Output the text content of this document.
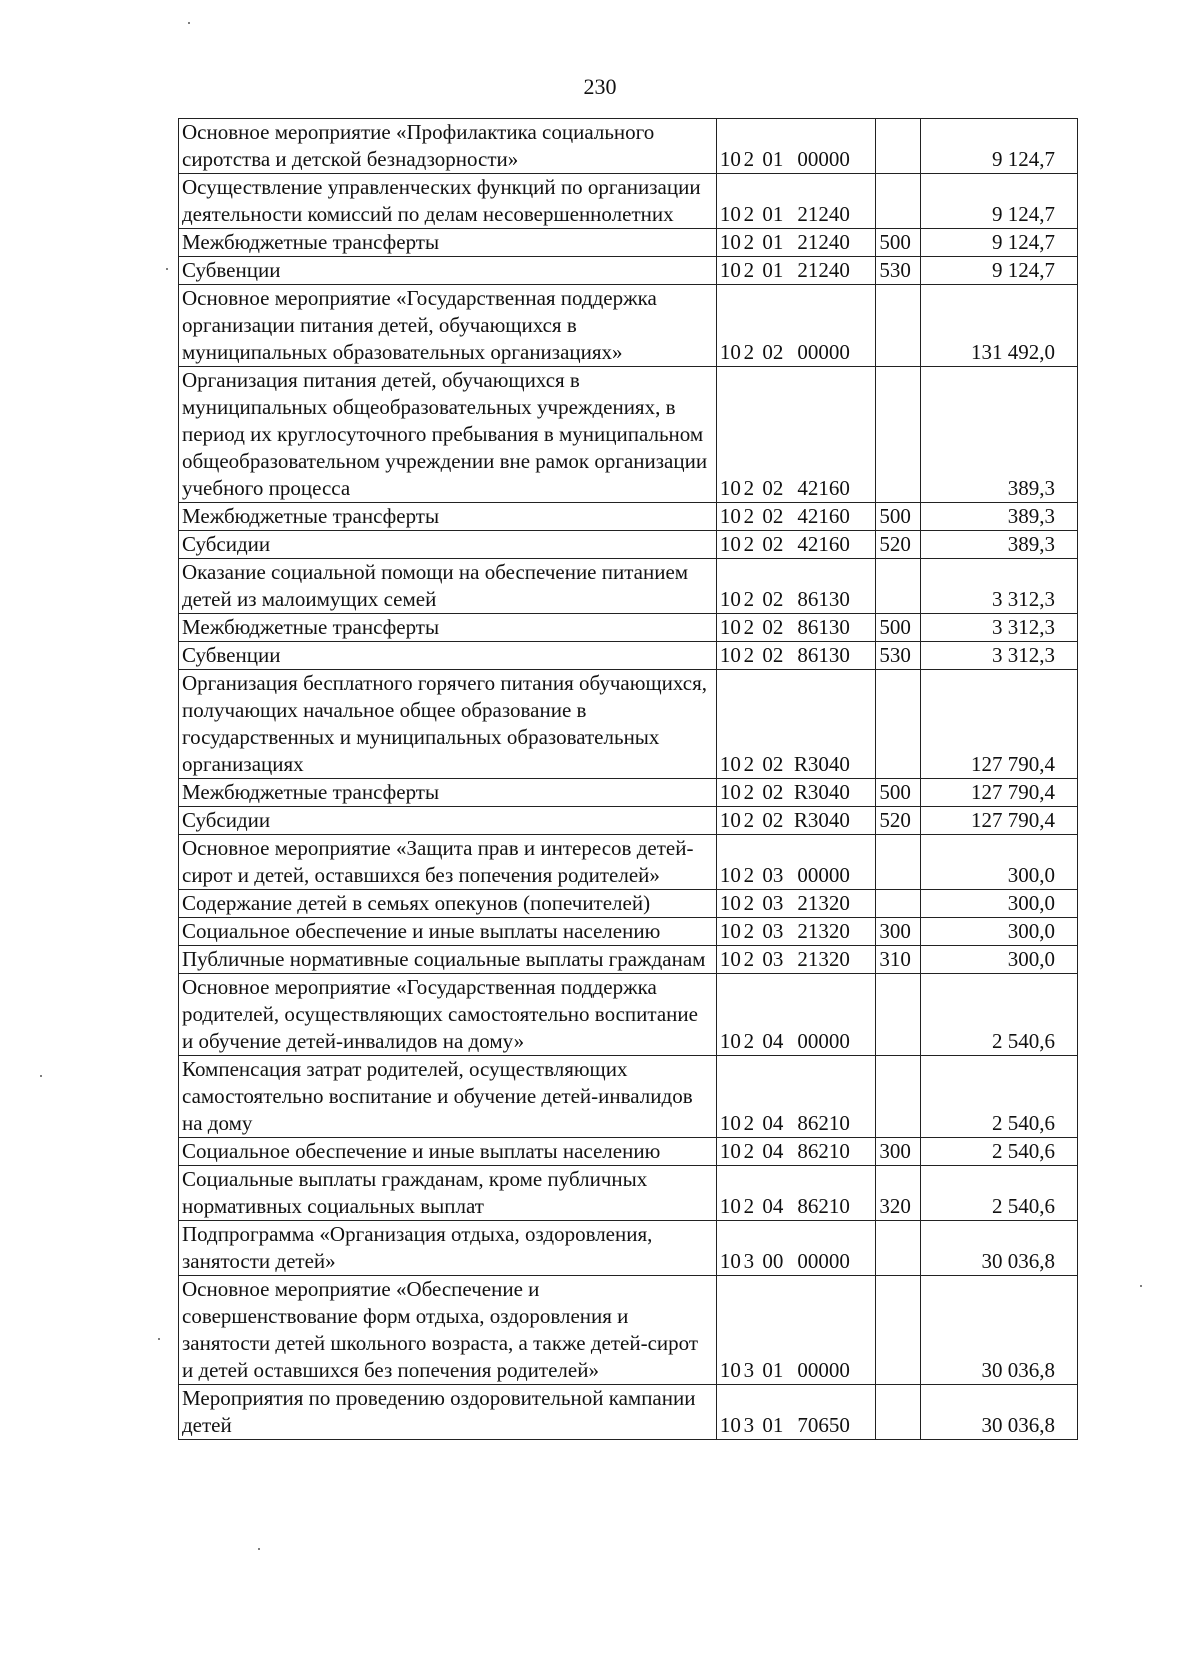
230
Основное мероприятие «Профилактика социального сиротства и детской безнадзорности»	10 2 01 00000		9 124,7
Осуществление управленческих функций по организации деятельности комиссий по делам несовершеннолетних	10 2 01 21240		9 124,7
Межбюджетные трансферты	10 2 01 21240	500	9 124,7
Субвенции	10 2 01 21240	530	9 124,7
Основное мероприятие «Государственная поддержка организации питания детей, обучающихся в муниципальных образовательных организациях»	10 2 02 00000		131 492,0
Организация питания детей, обучающихся в муниципальных общеобразовательных учреждениях, в период их круглосуточного пребывания в муниципальном общеобразовательном учреждении вне рамок организации учебного процесса	10 2 02 42160		389,3
Межбюджетные трансферты	10 2 02 42160	500	389,3
Субсидии	10 2 02 42160	520	389,3
Оказание социальной помощи на обеспечение питанием детей из малоимущих семей	10 2 02 86130		3 312,3
Межбюджетные трансферты	10 2 02 86130	500	3 312,3
Субвенции	10 2 02 86130	530	3 312,3
Организация бесплатного горячего питания обучающихся, получающих начальное общее образование в государственных и муниципальных образовательных организациях	10 2 02 R3040		127 790,4
Межбюджетные трансферты	10 2 02 R3040	500	127 790,4
Субсидии	10 2 02 R3040	520	127 790,4
Основное мероприятие «Защита прав и интересов детей-сирот и детей, оставшихся без попечения родителей»	10 2 03 00000		300,0
Содержание детей в семьях опекунов (попечителей)	10 2 03 21320		300,0
Социальное обеспечение и иные выплаты населению	10 2 03 21320	300	300,0
Публичные нормативные социальные выплаты гражданам	10 2 03 21320	310	300,0
Основное мероприятие «Государственная поддержка родителей, осуществляющих самостоятельно воспитание и обучение детей-инвалидов на дому»	10 2 04 00000		2 540,6
Компенсация затрат родителей, осуществляющих самостоятельно воспитание и обучение детей-инвалидов на дому	10 2 04 86210		2 540,6
Социальное обеспечение и иные выплаты населению	10 2 04 86210	300	2 540,6
Социальные выплаты гражданам, кроме публичных нормативных социальных выплат	10 2 04 86210	320	2 540,6
Подпрограмма «Организация отдыха, оздоровления, занятости детей»	10 3 00 00000		30 036,8
Основное мероприятие «Обеспечение и совершенствование форм отдыха, оздоровления и занятости детей школьного возраста, а также детей-сирот и детей оставшихся без попечения родителей»	10 3 01 00000		30 036,8
Мероприятия по проведению оздоровительной кампании детей	10 3 01 70650		30 036,8
